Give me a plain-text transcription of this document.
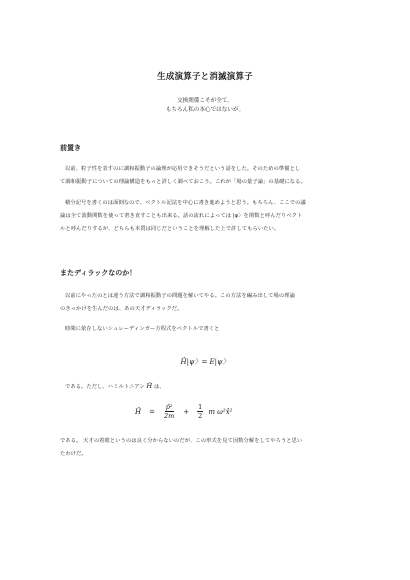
生成演算子と消滅演算子
交換関係こそが全て。
もちろん私の本心ではないが。
前置き
以前、粒子性を表すのに調和振動子の論理が応用できそうだという話をした。そのための準備とし
て調和振動子についての理論構造をもっと詳しく調べておこう。これが「場の量子論」の基礎になる。
積分記号を書くのは面倒なので、ベクトル記法を中心に書き進めようと思う。もちろん、ここでの議
論は全て波動関数を使って書き直すことも出来る。話の流れによっては |ψ〉を関数と呼んだりベクト
ルと呼んだりするが、どちらも本質は同じだということを理解した上で許してもらいたい。
またディラックなのか！
以前にやったのとは違う方法で調和振動子の問題を解いてやる。この方法を編み出して場の理論
のきっかけを生んだのは、あの天才ディラックだ。
時間に依存しないシュレーディンガー方程式をベクトルで書くと
Ĥ|ψ〉= E|ψ〉
である。ただし、ハミルトニアン Ĥ は、
Ĥ = $\frac{\text{p̂²}}{2m} + \frac{1}{2}$ m ω²x̂²
である。 天才の着眼というのは良く分からないのだが、この形式を見て因数分解をしてやろうと思い
たわけだ。
